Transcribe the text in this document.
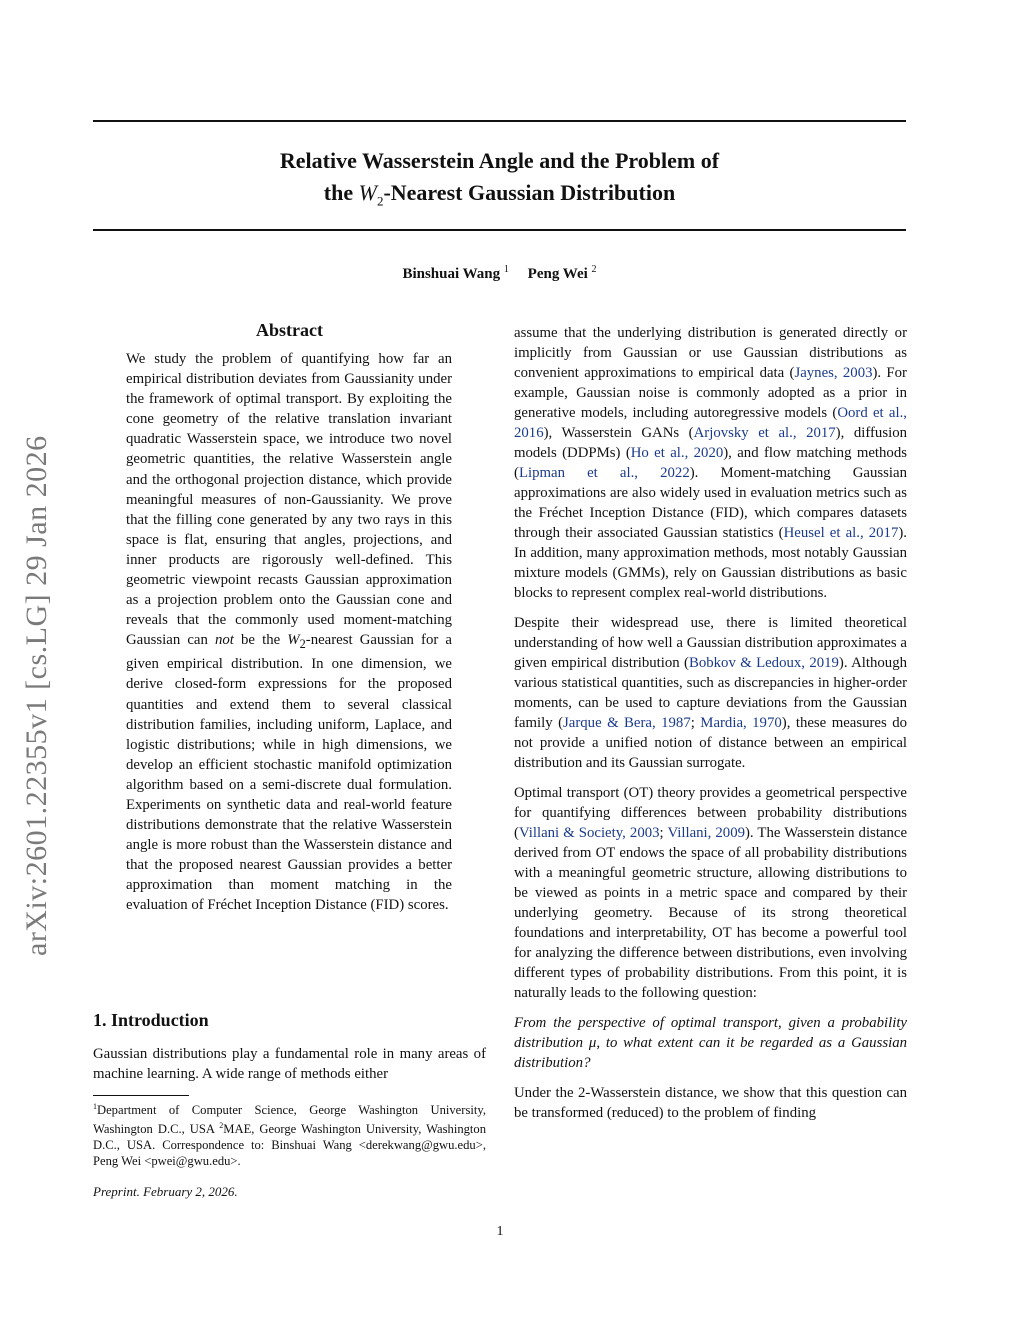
arXiv:2601.22355v1 [cs.LG] 29 Jan 2026
Relative Wasserstein Angle and the Problem of
the $W_2$-Nearest Gaussian Distribution
Binshuai Wang $^1$ Peng Wei $^2$
Abstract

We study the problem of quantifying how far an empirical distribution deviates from Gaussianity under the framework of optimal transport. By exploiting the cone geometry of the relative translation invariant quadratic Wasserstein space, we introduce two novel geometric quantities, the relative Wasserstein angle and the orthogonal projection distance, which provide meaningful measures of non-Gaussianity. We prove that the filling cone generated by any two rays in this space is flat, ensuring that angles, projections, and inner products are rigorously well-defined. This geometric viewpoint recasts Gaussian approximation as a projection problem onto the Gaussian cone and reveals that the commonly used moment-matching Gaussian can not be the $W_2$-nearest Gaussian for a given empirical distribution. In one dimension, we derive closed-form expressions for the proposed quantities and extend them to several classical distribution families, including uniform, Laplace, and logistic distributions; while in high dimensions, we develop an efficient stochastic manifold optimization algorithm based on a semi-discrete dual formulation. Experiments on synthetic data and real-world feature distributions demonstrate that the relative Wasserstein angle is more robust than the Wasserstein distance and that the proposed nearest Gaussian provides a better approximation than moment matching in the evaluation of Fréchet Inception Distance (FID) scores.

1. Introduction

Gaussian distributions play a fundamental role in many areas of machine learning. A wide range of methods either

$^1$Department of Computer Science, George Washington University, Washington D.C., USA $^2$MAE, George Washington University, Washington D.C., USA. Correspondence to: Binshuai Wang <derekwang@gwu.edu>, Peng Wei <pwei@gwu.edu>.

Preprint. February 2, 2026.
1

assume that the underlying distribution is generated directly or implicitly from Gaussian or use Gaussian distributions as convenient approximations to empirical data (Jaynes, 2003). For example, Gaussian noise is commonly adopted as a prior in generative models, including autoregressive models (Oord et al., 2016), Wasserstein GANs (Arjovsky et al., 2017), diffusion models (DDPMs) (Ho et al., 2020), and flow matching methods (Lipman et al., 2022). Moment-matching Gaussian approximations are also widely used in evaluation metrics such as the Fréchet Inception Distance (FID), which compares datasets through their associated Gaussian statistics (Heusel et al., 2017). In addition, many approximation methods, most notably Gaussian mixture models (GMMs), rely on Gaussian distributions as basic blocks to represent complex real-world distributions.

Despite their widespread use, there is limited theoretical understanding of how well a Gaussian distribution approximates a given empirical distribution (Bobkov & Ledoux, 2019). Although various statistical quantities, such as discrepancies in higher-order moments, can be used to capture deviations from the Gaussian family (Jarque & Bera, 1987; Mardia, 1970), these measures do not provide a unified notion of distance between an empirical distribution and its Gaussian surrogate.

Optimal transport (OT) theory provides a geometrical perspective for quantifying differences between probability distributions (Villani & Society, 2003; Villani, 2009). The Wasserstein distance derived from OT endows the space of all probability distributions with a meaningful geometric structure, allowing distributions to be viewed as points in a metric space and compared by their underlying geometry. Because of its strong theoretical foundations and interpretability, OT has become a powerful tool for analyzing the difference between distributions, even involving different types of probability distributions. From this point, it is naturally leads to the following question:

From the perspective of optimal transport, given a probability distribution μ, to what extent can it be regarded as a Gaussian distribution?

Under the 2-Wasserstein distance, we show that this question can be transformed (reduced) to the problem of finding
